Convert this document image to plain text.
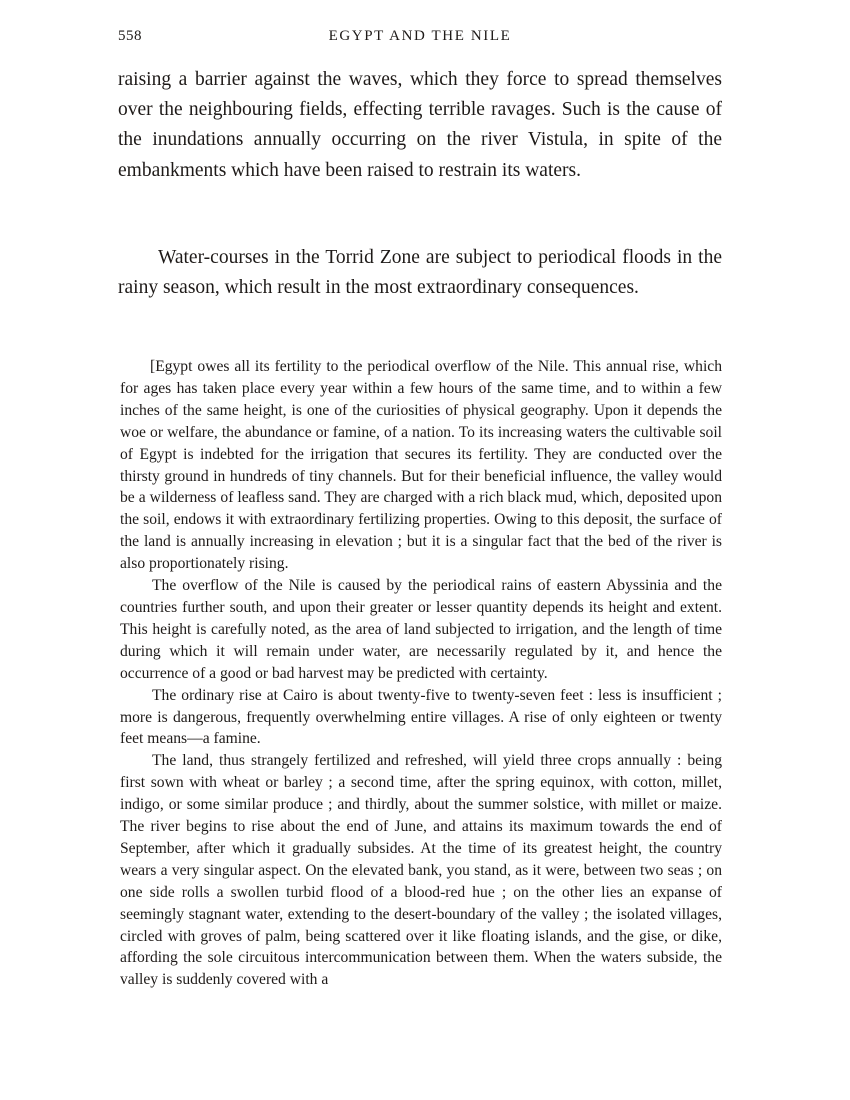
558	EGYPT AND THE NILE

raising a barrier against the waves, which they force to spread themselves over the neighbouring fields, effecting terrible ravages. Such is the cause of the inundations annually occurring on the river Vistula, in spite of the embankments which have been raised to restrain its waters.

Water-courses in the Torrid Zone are subject to periodical floods in the rainy season, which result in the most extraordinary consequences.

[Egypt owes all its fertility to the periodical overflow of the Nile. This annual rise, which for ages has taken place every year within a few hours of the same time, and to within a few inches of the same height, is one of the curiosities of physical geography. Upon it depends the woe or welfare, the abundance or famine, of a nation. To its increasing waters the cultivable soil of Egypt is indebted for the irrigation that secures its fertility. They are conducted over the thirsty ground in hundreds of tiny channels. But for their beneficial influence, the valley would be a wilderness of leafless sand. They are charged with a rich black mud, which, deposited upon the soil, endows it with extraordinary fertilizing properties. Owing to this deposit, the surface of the land is annually increasing in elevation ; but it is a singular fact that the bed of the river is also proportionately rising.

The overflow of the Nile is caused by the periodical rains of eastern Abyssinia and the countries further south, and upon their greater or lesser quantity depends its height and extent. This height is carefully noted, as the area of land subjected to irrigation, and the length of time during which it will remain under water, are necessarily regulated by it, and hence the occurrence of a good or bad harvest may be predicted with certainty.

The ordinary rise at Cairo is about twenty-five to twenty-seven feet : less is insufficient ; more is dangerous, frequently overwhelming entire villages. A rise of only eighteen or twenty feet means—a famine.

The land, thus strangely fertilized and refreshed, will yield three crops annually : being first sown with wheat or barley ; a second time, after the spring equinox, with cotton, millet, indigo, or some similar produce ; and thirdly, about the summer solstice, with millet or maize. The river begins to rise about the end of June, and attains its maximum towards the end of September, after which it gradually subsides. At the time of its greatest height, the country wears a very singular aspect. On the elevated bank, you stand, as it were, between two seas ; on one side rolls a swollen turbid flood of a blood-red hue ; on the other lies an expanse of seemingly stagnant water, extending to the desert-boundary of the valley ; the isolated villages, circled with groves of palm, being scattered over it like floating islands, and the gise, or dike, affording the sole circuitous intercommunication between them. When the waters subside, the valley is suddenly covered with a
